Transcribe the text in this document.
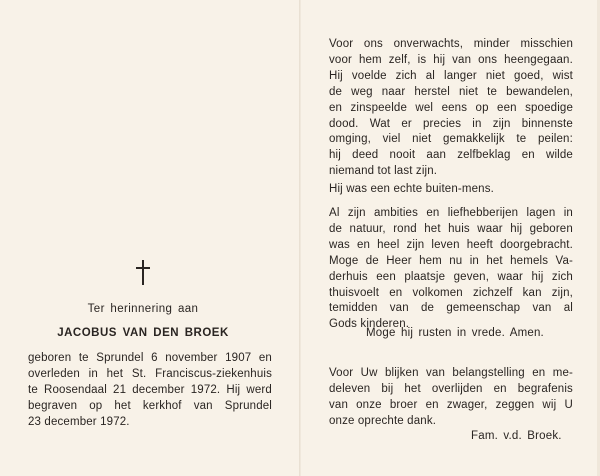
Ter herinnering aan
JACOBUS VAN DEN BROEK
geboren te Sprundel 6 november 1907 en
overleden in het St. Franciscus-ziekenhuis
te Roosendaal 21 december 1972. Hij werd
begraven op het kerkhof van Sprundel
23 december 1972.
Voor ons onverwachts, minder misschien
voor hem zelf, is hij van ons heengegaan.
Hij voelde zich al langer niet goed, wist
de weg naar herstel niet te bewandelen,
en zinspeelde wel eens op een spoedige
dood. Wat er precies in zijn binnenste
omging, viel niet gemakkelijk te peilen:
hij deed nooit aan zelfbeklag en wilde
niemand tot last zijn.
Hij was een echte buiten-mens.
Al zijn ambities en liefhebberijen lagen in
de natuur, rond het huis waar hij geboren
was en heel zijn leven heeft doorgebracht.
Moge de Heer hem nu in het hemels Va-
derhuis een plaatsje geven, waar hij zich
thuisvoelt en volkomen zichzelf kan zijn,
temidden van de gemeenschap van al
Gods kinderen.
Moge hij rusten in vrede. Amen.
Voor Uw blijken van belangstelling en me-
deleven bij het overlijden en begrafenis
van onze broer en zwager, zeggen wij U
onze oprechte dank.
Fam. v.d. Broek.
